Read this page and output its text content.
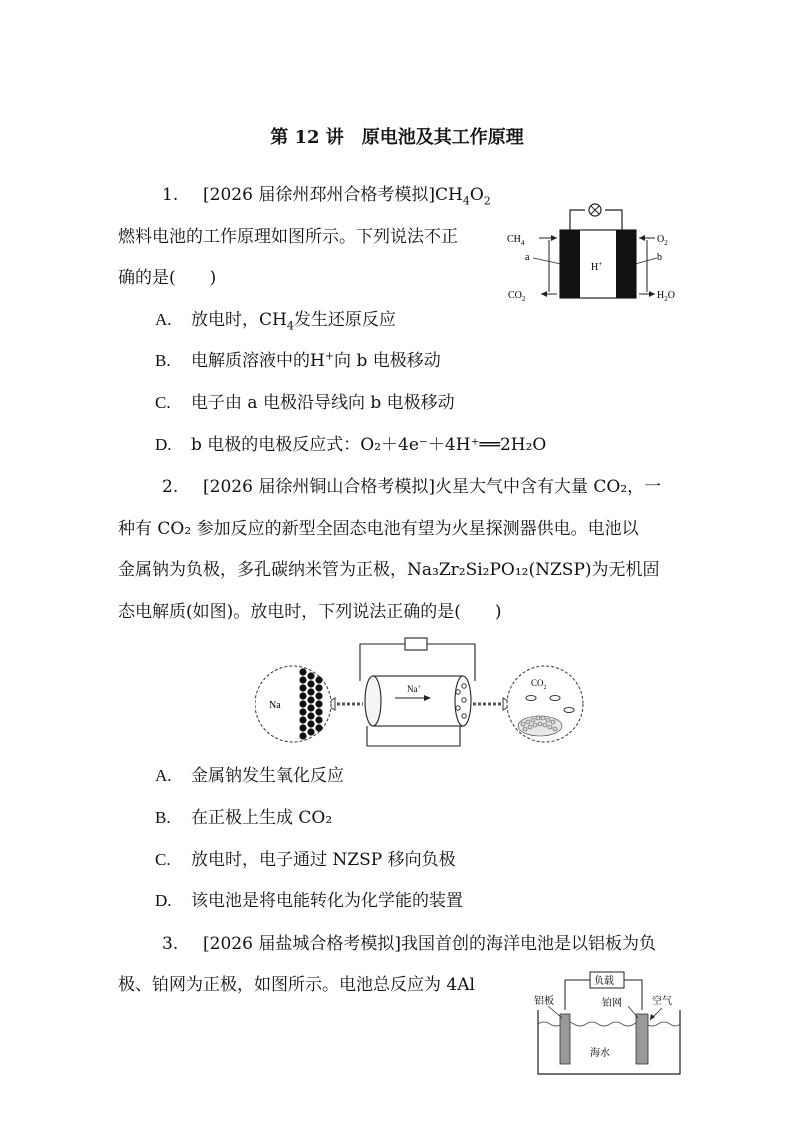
第 12 讲　原电池及其工作原理
1. [2026 届徐州邳州合格考模拟]$CH_4O_2$
燃料电池的工作原理如图所示。下列说法不正
确的是(　　)
A. 放电时，$CH_4$发生还原反应
B. 电解质溶液中的H+向 b 电极移动
C. 电子由 a 电极沿导线向 b 电极移动
D. b 电极的电极反应式：O₂＋4e⁻＋4H⁺══2H₂O
$CH_4$
$CO_2$
a
H+
$O_2$
b
$H_2O$
2. [2026 届徐州铜山合格考模拟]火星大气中含有大量 CO₂，一
种有 CO₂ 参加反应的新型全固态电池有望为火星探测器供电。电池以
金属钠为负极，多孔碳纳米管为正极，Na₃Zr₂Si₂PO₁₂(NZSP)为无机固
态电解质(如图)。放电时，下列说法正确的是(　　)
Na+
Na
$CO_2$
A. 金属钠发生氧化反应
B. 在正极上生成 CO₂
C. 放电时，电子通过 NZSP 移向负极
D. 该电池是将电能转化为化学能的装置
3. [2026 届盐城合格考模拟]我国首创的海洋电池是以铝板为负
极、铂网为正极，如图所示。电池总反应为 4Al	负载
铝板	铂网	空气
海水
